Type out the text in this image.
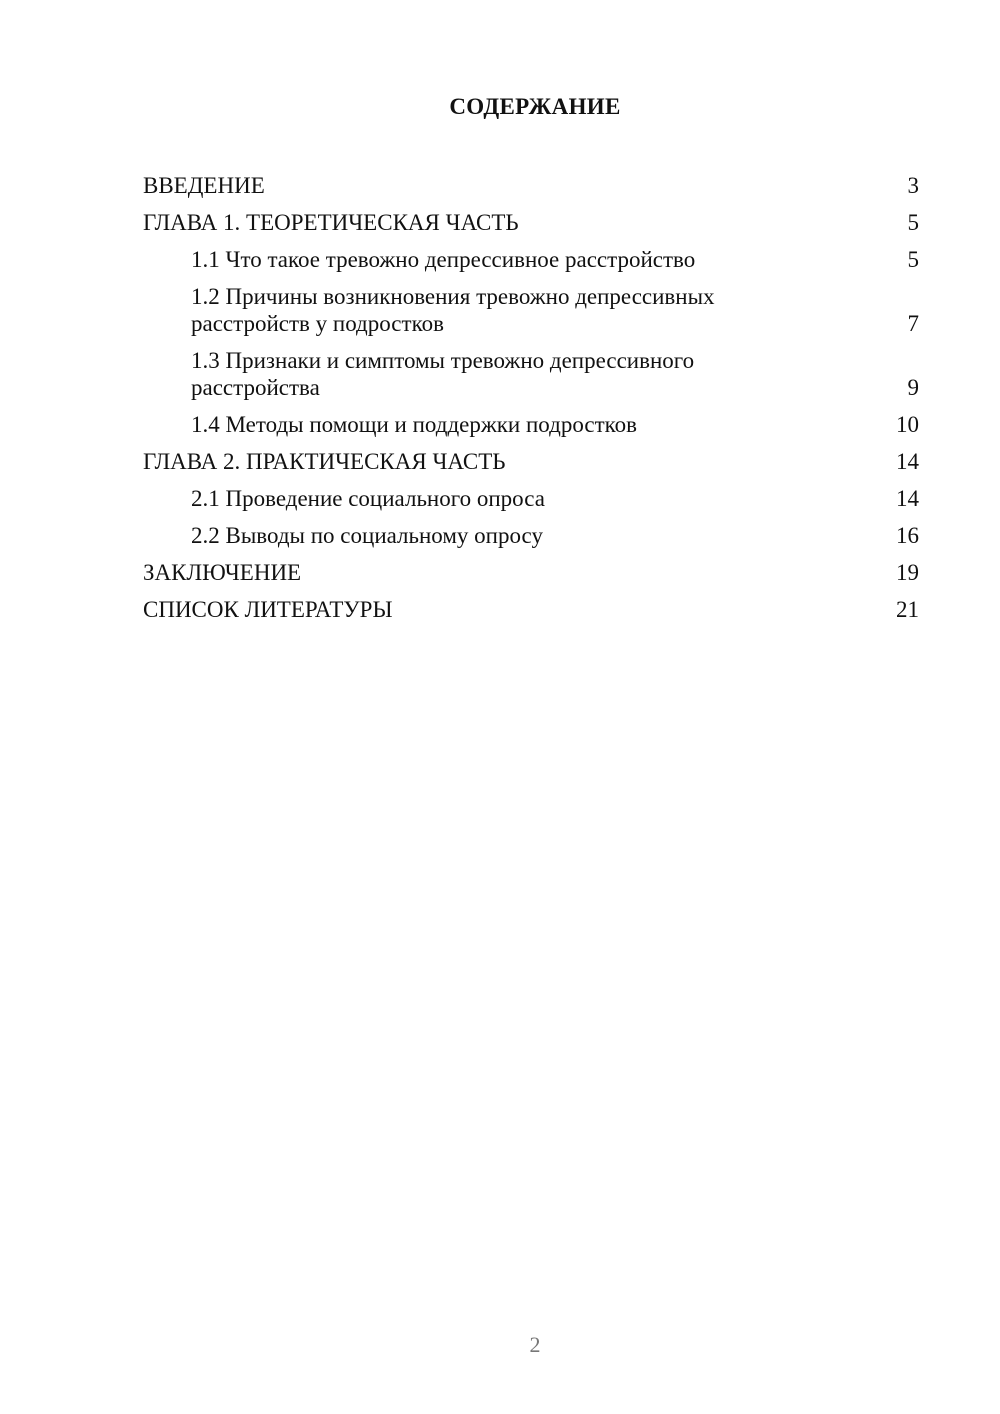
СОДЕРЖАНИЕ
ВВЕДЕНИЕ	3
ГЛАВА 1. ТЕОРЕТИЧЕСКАЯ ЧАСТЬ	5
1.1 Что такое тревожно депрессивное расстройство	5
1.2 Причины возникновения тревожно депрессивных расстройств у подростков	7
1.3 Признаки и симптомы тревожно депрессивного расстройства	9
1.4 Методы помощи и поддержки подростков	10
ГЛАВА 2. ПРАКТИЧЕСКАЯ ЧАСТЬ	14
2.1 Проведение социального опроса	14
2.2 Выводы по социальному опросу	16
ЗАКЛЮЧЕНИЕ	19
СПИСОК ЛИТЕРАТУРЫ	21
2
